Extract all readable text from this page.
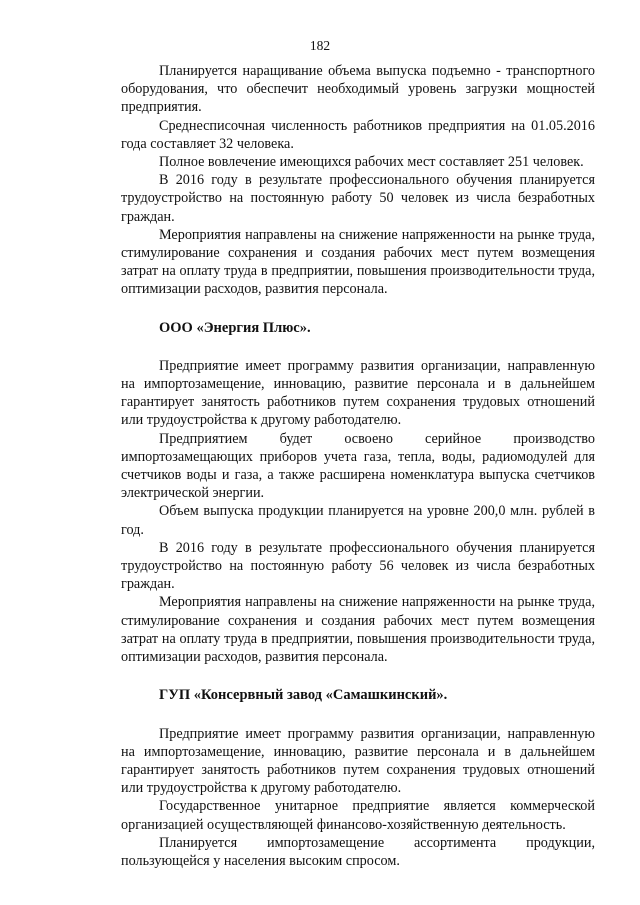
182

Планируется наращивание объема выпуска подъемно - транспортного оборудования, что обеспечит необходимый уровень загрузки мощностей предприятия.

Среднесписочная численность работников предприятия на 01.05.2016 года составляет 32 человека.

Полное вовлечение имеющихся рабочих мест составляет 251 человек.

В 2016 году в результате профессионального обучения планируется трудоустройство на постоянную работу 50 человек из числа безработных граждан.

Мероприятия направлены на снижение напряженности на рынке труда, стимулирование сохранения и создания рабочих мест путем возмещения затрат на оплату труда в предприятии, повышения производительности труда, оптимизации расходов, развития персонала.

ООО «Энергия Плюс».

Предприятие имеет программу развития организации, направленную на импортозамещение, инновацию, развитие персонала и в дальнейшем гарантирует занятость работников путем сохранения трудовых отношений или трудоустройства к другому работодателю.

Предприятием будет освоено серийное производство импортозамещающих приборов учета газа, тепла, воды, радиомодулей для счетчиков воды и газа, а также расширена номенклатура выпуска счетчиков электрической энергии.

Объем выпуска продукции планируется на уровне 200,0 млн. рублей в год.

В 2016 году в результате профессионального обучения планируется трудоустройство на постоянную работу 56 человек из числа безработных граждан.

Мероприятия направлены на снижение напряженности на рынке труда, стимулирование сохранения и создания рабочих мест путем возмещения затрат на оплату труда в предприятии, повышения производительности труда, оптимизации расходов, развития персонала.

ГУП «Консервный завод «Самашкинский».

Предприятие имеет программу развития организации, направленную на импортозамещение, инновацию, развитие персонала и в дальнейшем гарантирует занятость работников путем сохранения трудовых отношений или трудоустройства к другому работодателю.

Государственное унитарное предприятие является коммерческой организацией осуществляющей финансово-хозяйственную деятельность.

Планируется импортозамещение ассортимента продукции, пользующейся у населения высоким спросом.
